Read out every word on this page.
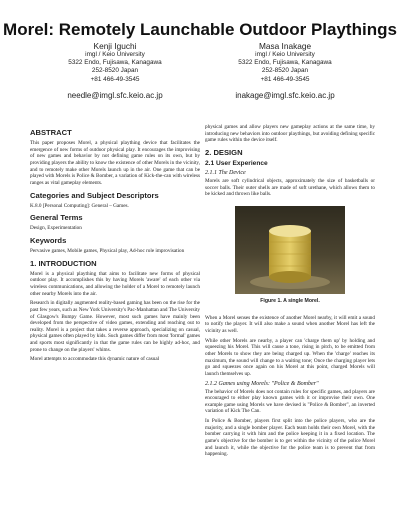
Morel: Remotely Launchable Outdoor Playthings
Kenji Iguchi
imgl / Keio University
5322 Endo, Fujisawa, Kanagawa
252-8520 Japan
+81 466-49-3545
needle@imgl.sfc.keio.ac.jp
Masa Inakage
imgl / Keio University
5322 Endo, Fujisawa, Kanagawa
252-8520 Japan
+81 466-49-3545
inakage@imgl.sfc.keio.ac.jp
ABSTRACT

This paper proposes Morel, a physical plaything device that facilitates the emergence of new forms of outdoor physical play. It encourages the improvising of new games and behavior by not defining game rules on its own, but by providing players the ability to know the existence of other Morels in the vicinity, and to remotely make other Morels launch up in the air. One game that can be played with Morels is Police & Bomber, a variation of Kick-the-can with wireless ranges as vital gameplay elements.

Categories and Subject Descriptors

K.8.0 [Personal Computing]: General – Games.

General Terms

Design, Experimentation

Keywords

Pervasive games, Mobile games, Physical play, Ad-hoc role improvisation

1. INTRODUCTION

Morel is a physical plaything that aims to facilitate new forms of physical outdoor play. It accomplishes this by having Morels 'aware' of each other via wireless communications, and allowing the holder of a Morel to remotely launch other nearby Morels into the air.

Research in digitally augmented reality-based gaming has been on the rise for the past few years, such as New York University's Pac-Manhattan and The University of Glasgow's Bumpy Game. However, most such games have mainly been developed from the perspective of video games, extending and reaching out to reality. Morel is a project that takes a reverse approach, specializing on casual, physical games often played by kids. Such games differ from most 'formal' games and sports most significantly in that the game rules can be highly ad-hoc, and prone to change on the players' whims.

Morel attempts to accommodate this dynamic nature of casual

physical games and allow players new gameplay actions at the same time, by introducing new behaviors into outdoor playthings, but avoiding defining specific game rules within the device itself.

2. DESIGN
2.1 User Experience
2.1.1 The Device

Morels are soft cylindrical objects, approximately the size of basketballs or soccer balls. Their outer shells are made of soft urethane, which allows them to be kicked and thrown like balls.

Figure 1. A single Morel.

When a Morel senses the existence of another Morel nearby, it will emit a sound to notify the player. It will also make a sound when another Morel has left the vicinity as well.

While other Morels are nearby, a player can 'charge them up' by holding and squeezing his Morel. This will cause a tone, rising in pitch, to be emitted from other Morels to show they are being charged up. When the 'charge' reaches its maximum, the sound will change to a waiting tone; Once the charging player lets go and squeezes once again on his Morel at this point, charged Morels will launch themselves up.

2.1.2 Games using Morels: "Police & Bomber"

The behavior of Morels does not contain rules for specific games, and players are encouraged to either play known games with it or improvise their own. One example game using Morels we have devised is "Police & Bomber", an inverted variation of Kick The Can.

In Police & Bomber, players first split into the police players, who are the majority, and a single bomber player. Each team holds their own Morel, with the bomber carrying it with him and the police keeping it in a fixed location. The game's objective for the bomber is to get within the vicinity of the police Morel and launch it, while the objective for the police team is to prevent that from happening.
